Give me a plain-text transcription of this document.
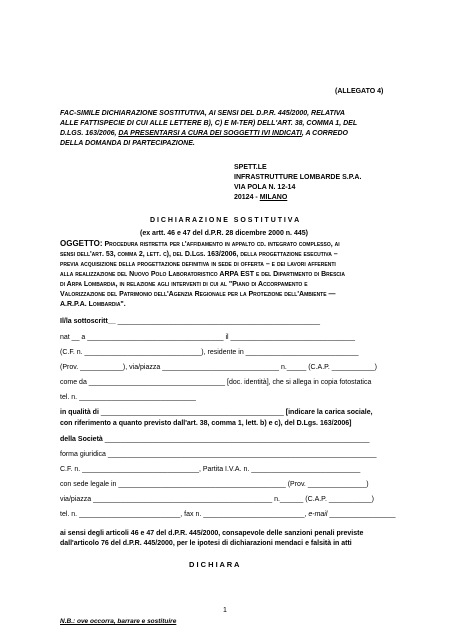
(ALLEGATO 4)
FAC-SIMILE DICHIARAZIONE SOSTITUTIVA, AI SENSI DEL D.P.R. 445/2000, RELATIVA
ALLE FATTISPECIE DI CUI ALLE LETTERE B), C) E M-TER) DELL'ART. 38, COMMA 1, DEL
D.LGS. 163/2006, DA PRESENTARSI A CURA DEI SOGGETTI IVI INDICATI, A CORREDO
DELLA DOMANDA DI PARTECIPAZIONE.
SPETT.LE
INFRASTRUTTURE LOMBARDE S.P.A.
VIA POLA N. 12-14
20124 - MILANO
D I C H I A R A Z I O N E   S O S T I T U T I V A
(ex artt. 46 e 47 del d.P.R. 28 dicembre 2000 n. 445)
OGGETTO: Procedura ristretta per l'affidamento in appalto cd. integrato complesso, ai
sensi dell'art. 53, comma 2, lett. c), del D.Lgs. 163/2006, della progettazione esecutiva –
previa acquisizione della progettazione definitiva in sede di offerta – e dei lavori afferenti
alla realizzazione del Nuovo Polo Laboratoristico ARPA EST e del Dipartimento di Brescia
di Arpa Lombardia, in relazione agli interventi di cui al "Piano di Accorpamento e
Valorizzazione del Patrimonio dell'Agenzia Regionale per la Protezione dell'Ambiente —
A.R.P.A. Lombardia".
Il/la sottoscritt__ ____________________________________________________
nat __ a ___________________________________ il ________________________________
(C.F. n. ______________________________), residente in _____________________________
(Prov. ___________), via/piazza ______________________________ n._____ (C.A.P. ___________)
come da ___________________________________ [doc. identità], che si allega in copia fotostatica
tel. n. ______________________________
in qualità di _______________________________________________ [indicare la carica sociale,
con riferimento a quanto previsto dall'art. 38, comma 1, lett. b) e c), del D.Lgs. 163/2006]
della Società ____________________________________________________________________
forma giuridica _____________________________________________________________________
C.F. n. ______________________________, Partita I.V.A. n. ____________________________
con sede legale in ___________________________________________ (Prov. _______________)
via/piazza ______________________________________________ n.______ (C.A.P. ___________)
tel. n. __________________________, fax n. __________________________, e-mail _________________
ai sensi degli articoli 46 e 47 del d.P.R. 445/2000, consapevole delle sanzioni penali previste
dall'articolo 76 del d.P.R. 445/2000, per le ipotesi di dichiarazioni mendaci e falsità in atti
D I C H I A R A
1
N.B.: ove occorra, barrare e sostituire
